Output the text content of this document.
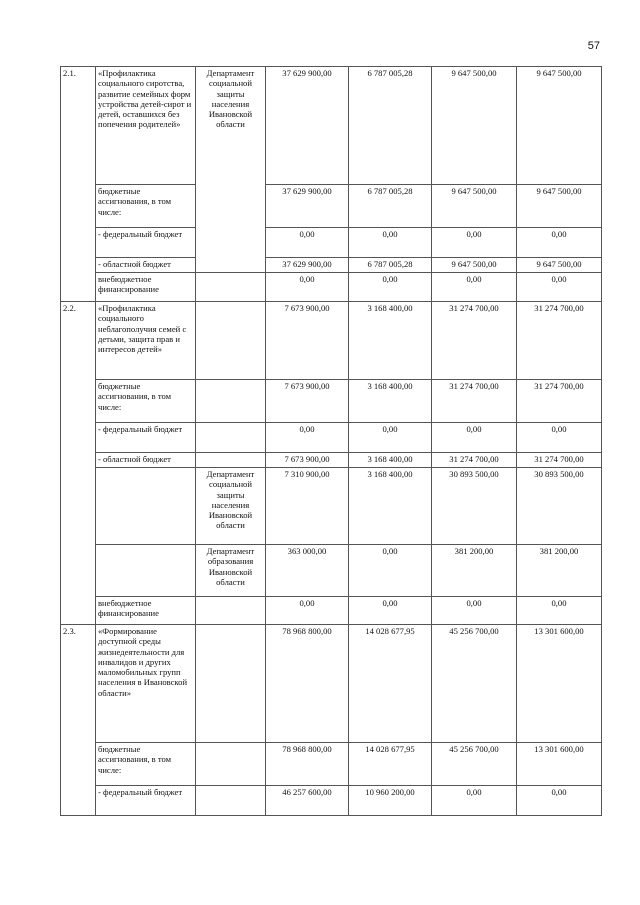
57
2.1.	«Профилактика социального сиротства, развитие семейных форм устройства детей-сирот и детей, оставшихся без попечения родителей»	Департамент социальной защиты населения Ивановской области	37 629 900,00	6 787 005,28	9 647 500,00	9 647 500,00
	бюджетные ассигнования, в том числе:		37 629 900,00	6 787 005,28	9 647 500,00	9 647 500,00
	- федеральный бюджет		0,00	0,00	0,00	0,00
	- областной бюджет		37 629 900,00	6 787 005,28	9 647 500,00	9 647 500,00
	внебюджетное финансирование		0,00	0,00	0,00	0,00
2.2.	«Профилактика социального неблагополучия семей с детьми, защита прав и интересов детей»		7 673 900,00	3 168 400,00	31 274 700,00	31 274 700,00
	бюджетные ассигнования, в том числе:		7 673 900,00	3 168 400,00	31 274 700,00	31 274 700,00
	- федеральный бюджет		0,00	0,00	0,00	0,00
	- областной бюджет		7 673 900,00	3 168 400,00	31 274 700,00	31 274 700,00
		Департамент социальной защиты населения Ивановской области	7 310 900,00	3 168 400,00	30 893 500,00	30 893 500,00
		Департамент образования Ивановской области	363 000,00	0,00	381 200,00	381 200,00
	внебюджетное финансирование		0,00	0,00	0,00	0,00
2.3.	«Формирование доступной среды жизнедеятельности для инвалидов и других маломобильных групп населения в Ивановской области»		78 968 800,00	14 028 677,95	45 256 700,00	13 301 600,00
	бюджетные ассигнования, в том числе:		78 968 800,00	14 028 677,95	45 256 700,00	13 301 600,00
	- федеральный бюджет		46 257 600,00	10 960 200,00	0,00	0,00
